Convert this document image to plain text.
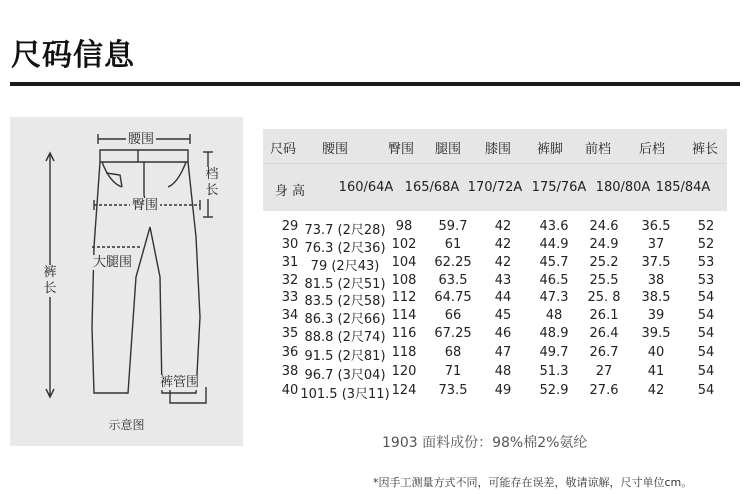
尺码信息
腰围
臀围
大腿围
裤管围
档长
裤长
示意图
尺码 腰围	臀围 腿围 膝围 裤脚 前档 后档 裤长
身 高	160/64A 165/68A 170/72A 175/76A 180/80A 185/84A
29 73.7 (2尺28) 98 59.7 42 43.6 24.6 36.5 52
30 76.3 (2尺36) 102 61	42 44.9 24.9 37	52
31 79 (2尺43) 104 62.25 42 45.7 25.2 37.5 53
32 81.5 (2尺51) 108 63.5 43 46.5 25.5 38	53
33 83.5 (2尺58) 112 64.75 44 47.3 25. 8 38.5 54
34 86.3 (2尺66) 114 66	45	48 26.1 39	54
35 88.8 (2尺74) 116 67.25 46 48.9 26.4 39.5 54
36 91.5 (2尺81) 118 68	47 49.7 26.7 40	54
38 96.7 (3尺04) 120 71	48 51.3 27	41	54
40 101.5 (3尺11) 124 73.5 49 52.9 27.6 42	54
1903 面料成份：98%棉2%氨纶
*因手工测量方式不同，可能存在误差，敬请谅解，尺寸单位cm。
